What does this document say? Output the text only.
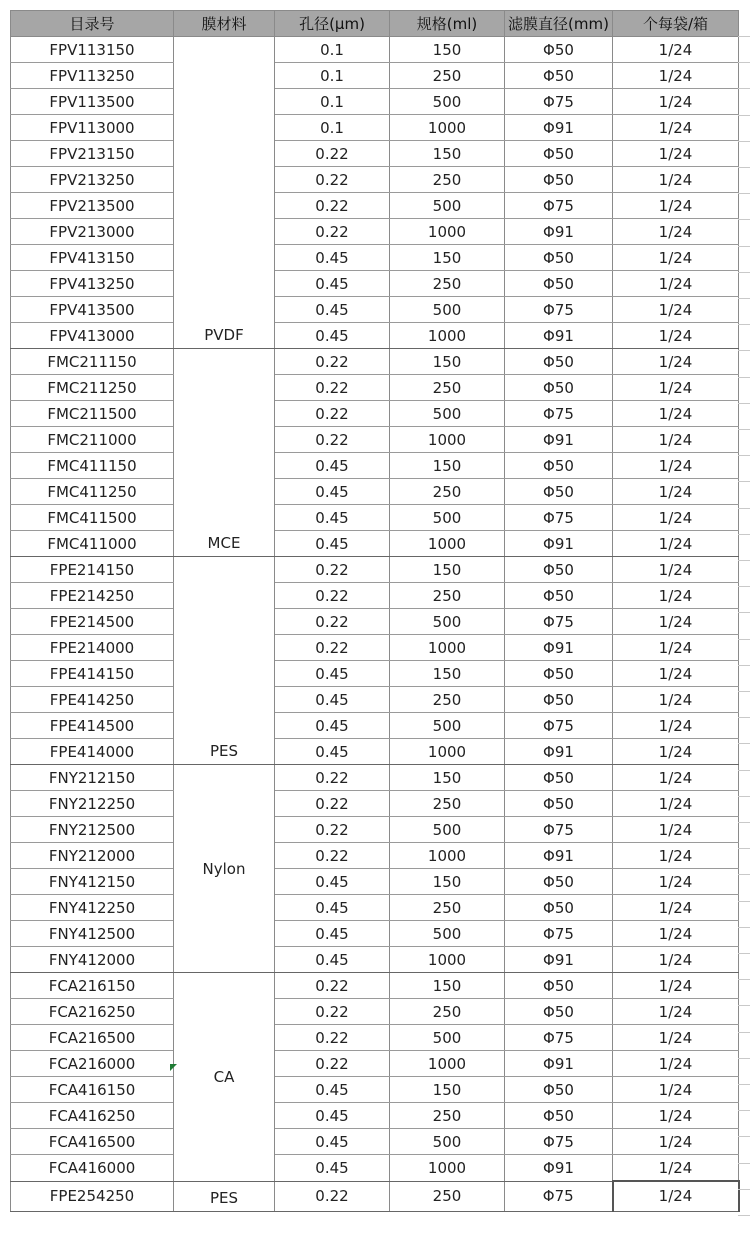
目录号	膜材料	孔径(μm)	规格(ml)	滤膜直径(mm)	个每袋/箱
FPV113150	PVDF	0.1	150	Φ50	1/24
FPV113250		0.1	250	Φ50	1/24
FPV113500		0.1	500	Φ75	1/24
FPV113000		0.1	1000	Φ91	1/24
FPV213150		0.22	150	Φ50	1/24
FPV213250		0.22	250	Φ50	1/24
FPV213500		0.22	500	Φ75	1/24
FPV213000		0.22	1000	Φ91	1/24
FPV413150		0.45	150	Φ50	1/24
FPV413250		0.45	250	Φ50	1/24
FPV413500		0.45	500	Φ75	1/24
FPV413000		0.45	1000	Φ91	1/24
FMC211150	MCE	0.22	150	Φ50	1/24
FMC211250		0.22	250	Φ50	1/24
FMC211500		0.22	500	Φ75	1/24
FMC211000		0.22	1000	Φ91	1/24
FMC411150		0.45	150	Φ50	1/24
FMC411250		0.45	250	Φ50	1/24
FMC411500		0.45	500	Φ75	1/24
FMC411000		0.45	1000	Φ91	1/24
FPE214150	PES	0.22	150	Φ50	1/24
FPE214250		0.22	250	Φ50	1/24
FPE214500		0.22	500	Φ75	1/24
FPE214000		0.22	1000	Φ91	1/24
FPE414150		0.45	150	Φ50	1/24
FPE414250		0.45	250	Φ50	1/24
FPE414500		0.45	500	Φ75	1/24
FPE414000		0.45	1000	Φ91	1/24
FNY212150	Nylon	0.22	150	Φ50	1/24
FNY212250		0.22	250	Φ50	1/24
FNY212500		0.22	500	Φ75	1/24
FNY212000		0.22	1000	Φ91	1/24
FNY412150		0.45	150	Φ50	1/24
FNY412250		0.45	250	Φ50	1/24
FNY412500		0.45	500	Φ75	1/24
FNY412000		0.45	1000	Φ91	1/24
FCA216150	CA	0.22	150	Φ50	1/24
FCA216250		0.22	250	Φ50	1/24
FCA216500		0.22	500	Φ75	1/24
FCA216000		0.22	1000	Φ91	1/24
FCA416150		0.45	150	Φ50	1/24
FCA416250		0.45	250	Φ50	1/24
FCA416500		0.45	500	Φ75	1/24
FCA416000		0.45	1000	Φ91	1/24
FPE254250	PES	0.22	250	Φ75	1/24
